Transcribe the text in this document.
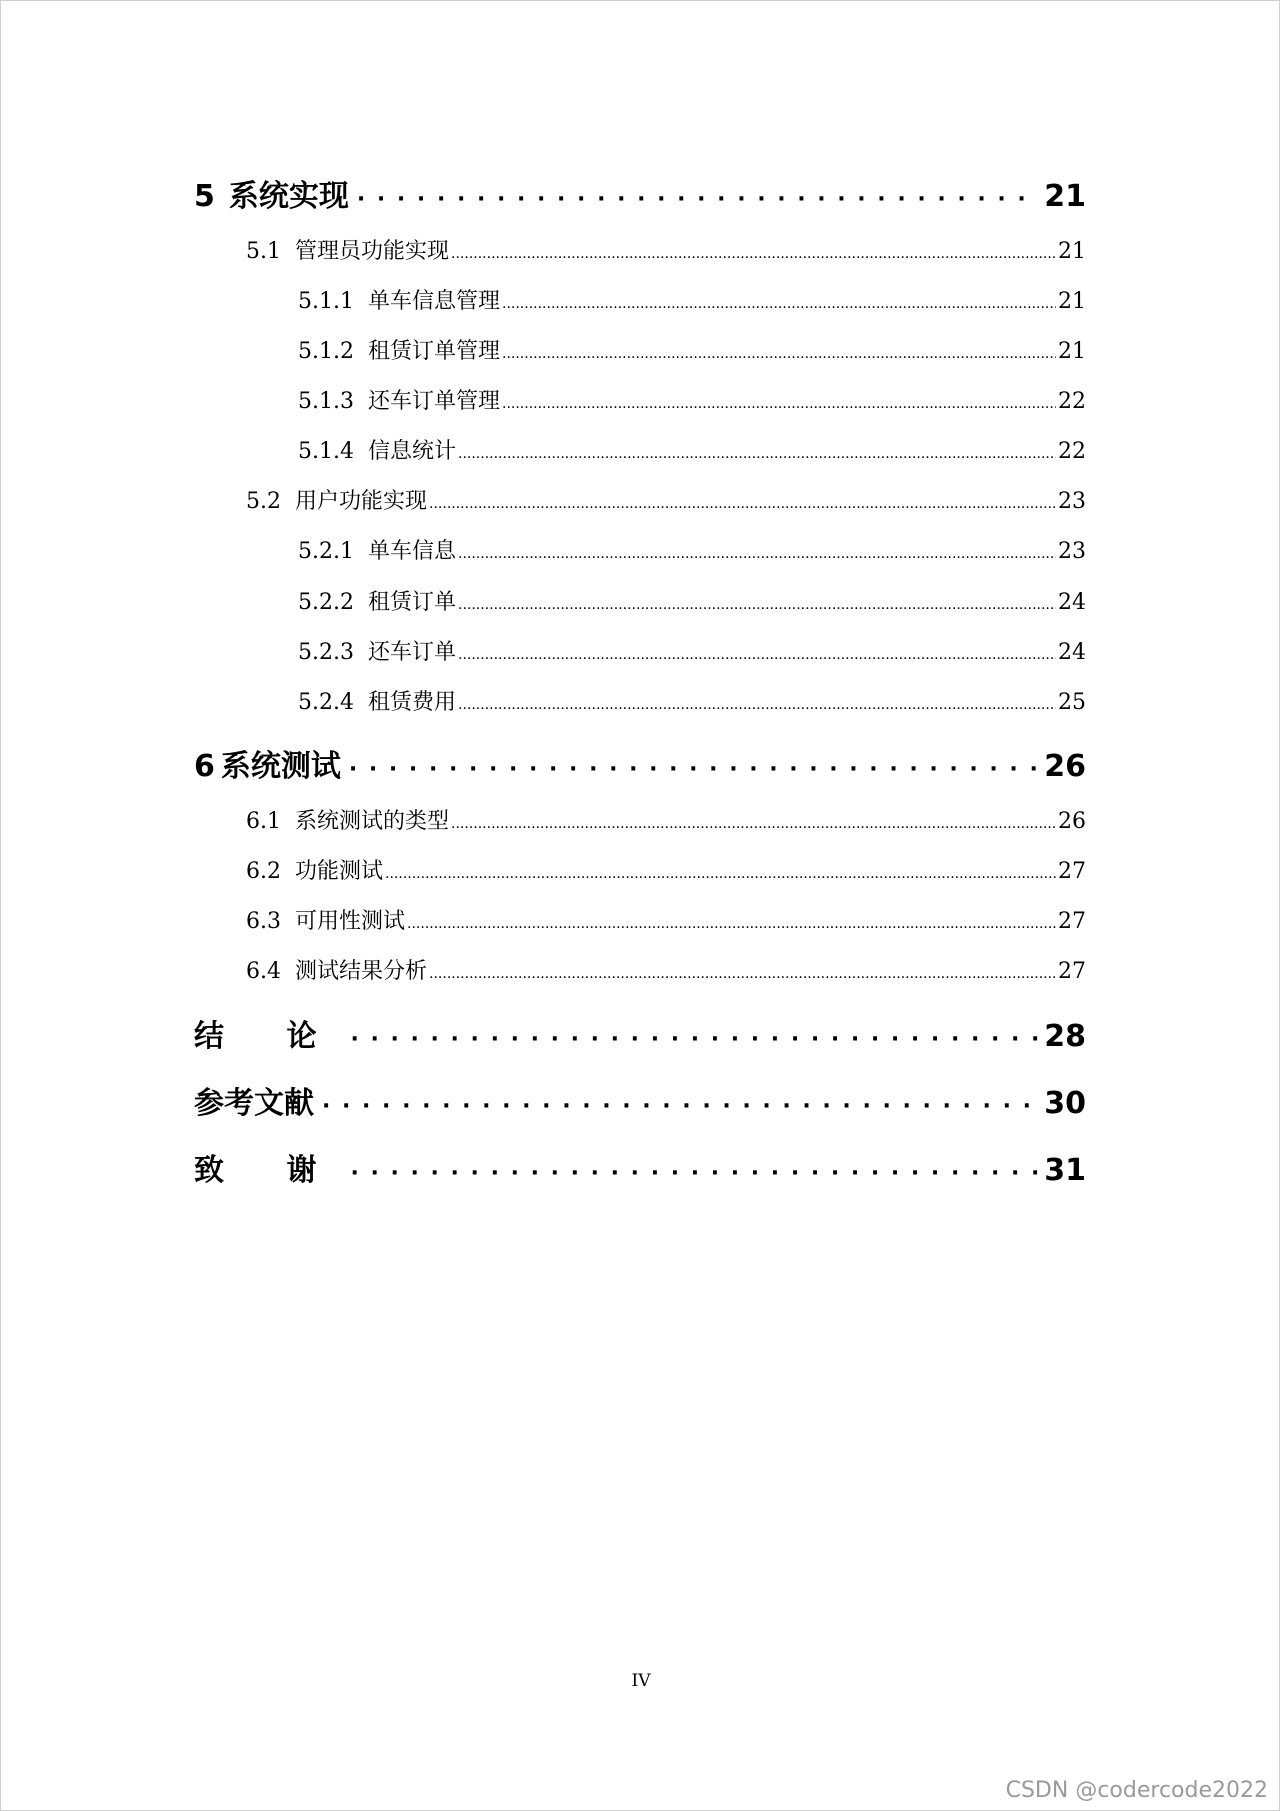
5 系统实现 · · ·	21
5.1 管理员功能实现 .....	21
5.1.1 单车信息管理 .....	21
5.1.2 租赁订单管理 .....	21
5.1.3 还车订单管理 .....	22
5.1.4 信息统计 .....	22
5.2 用户功能实现 .....	23
5.2.1 单车信息 .....	23
5.2.2 租赁订单 .....	24
5.2.3 还车订单 .....	24
5.2.4 租赁费用 .....	25
6 系统测试 · · ·	26
6.1 系统测试的类型 .....	26
6.2 功能测试 .....	27
6.3 可用性测试 .....	27
6.4 测试结果分析 .....	27
结 论 · · ·	28
参考文献 · · ·	30
致 谢 · · ·	31
IV
CSDN @codercode2022
